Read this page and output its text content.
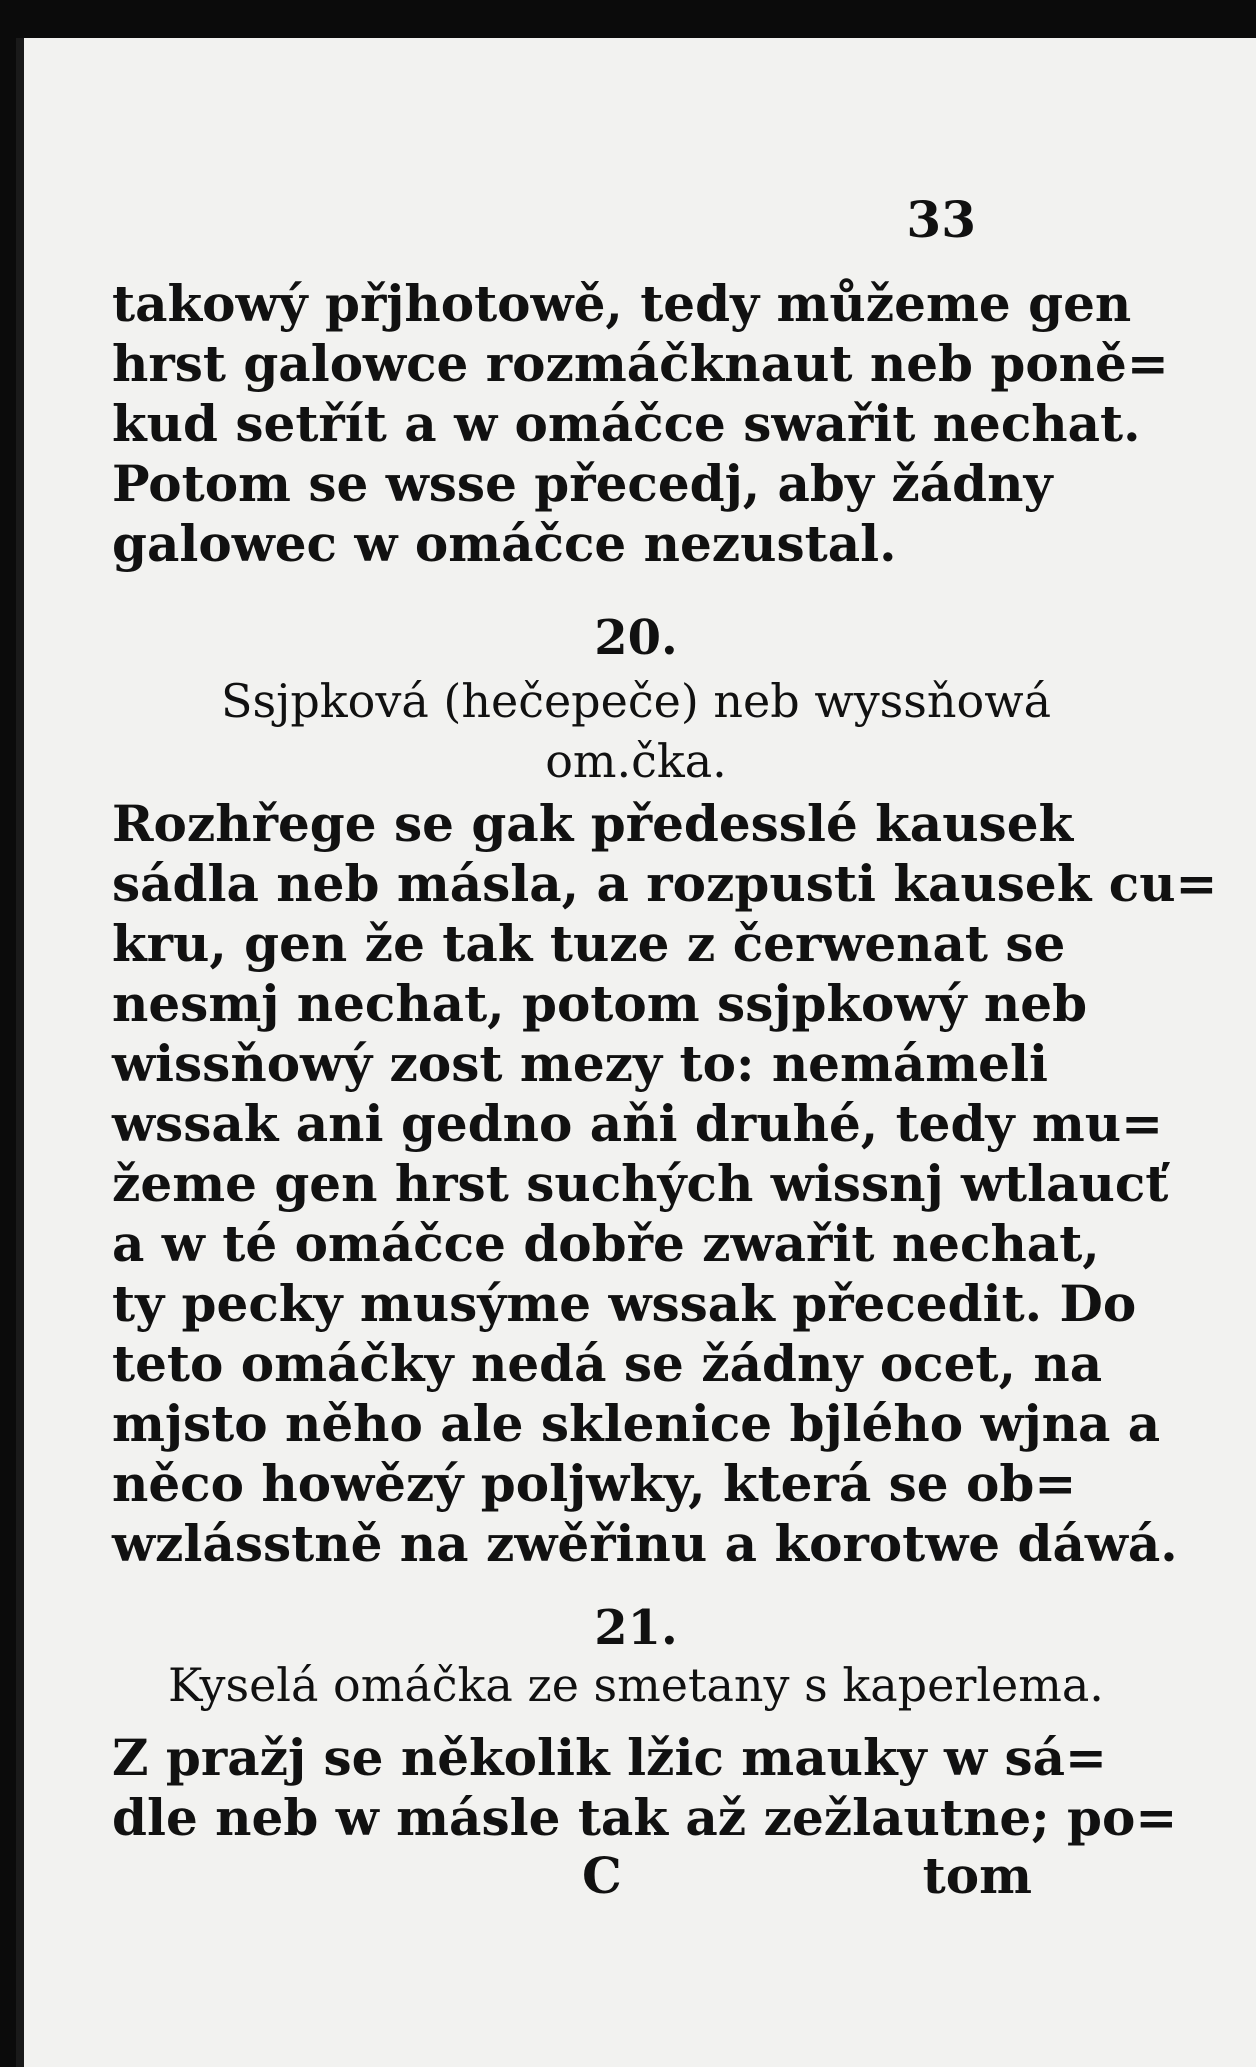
33
takowý přjhotowě, tedy můžeme gen
hrst galowce rozmáčknaut neb poně=
kud setřít a w omáčce swařit nechat.
Potom se wsse přecedj, aby žádny
galowec w omáčce nezustal.
20.
Ssjpková (hečepeče) neb wyssňowá
om.čka.
Rozhřege se gak předesslé kausek
sádla neb másla, a rozpusti kausek cu=
kru, gen že tak tuze z čerwenat se
nesmj nechat, potom ssjpkowý neb
wissňowý zost mezy to: nemámeli
wssak ani gedno aňi druhé, tedy mu=
žeme gen hrst suchých wissnj wtlaucť
a w té omáčce dobře zwařit nechat,
ty pecky musýme wssak přecedit. Do
teto omáčky nedá se žádny ocet, na
mjsto něho ale sklenice bjlého wjna a
něco howězý poljwky, která se ob=
wzlásstně na zwěřinu a korotwe dáwá.
21.
Kyselá omáčka ze smetany s kaperlema.
Z pražj se několik lžic mauky w sá=
dle neb w másle tak až zežlautne; po=
C	tom
